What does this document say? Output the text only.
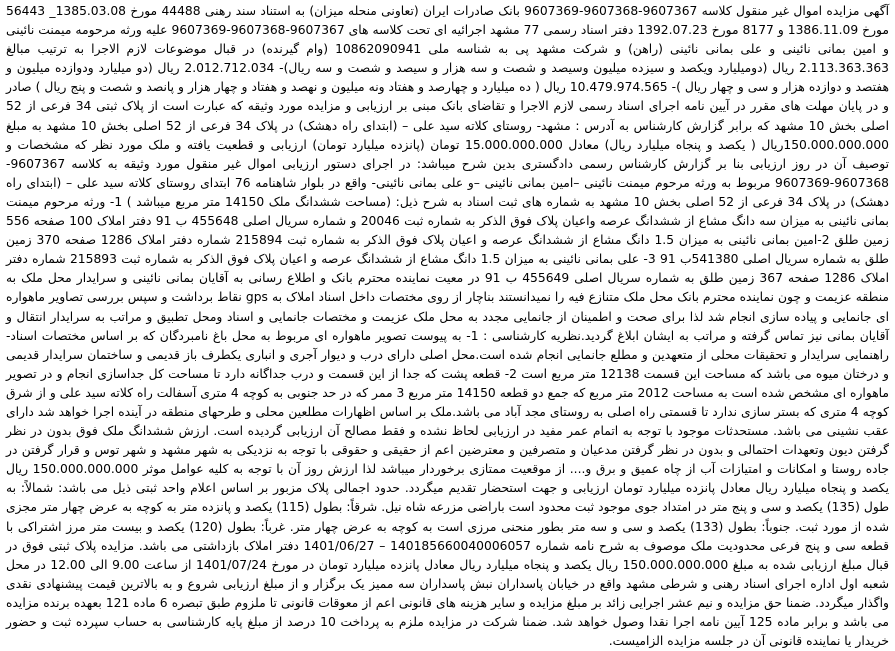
آگهی مزایده اموال غیر منقول کلاسه 9607367-9607368-9607369 بانک صادرات ایران (تعاونی منحله میزان) به استناد سند رهنی 44488 مورخ 1385.03.08_ 56443 مورخ 1386.11.09 و 8177 مورخ 1392.07.23 دفتر اسناد رسمی 77 مشهد اجرائیه ای تحت کلاسه های 9607367-9607368-9607369 علیه ورثه مرحومه میمنت نائینی و امین بمانی نائینی و علی بمانی نائینی (راهن) و شرکت مشهد پی به شناسه ملی 10862090941 (وام گیرنده) در قبال موضوعات لازم الاجرا به ترتیب مبالغ 2.113.363.363 ریال (دومیلیارد ویکصد و سیزده میلیون وسیصد و شصت و سه هزار و سیصد و شصت و سه ریال)- 2.012.712.034 ریال (دو میلیارد ودوازده میلیون و هفتصد و دوازده هزار و سی و چهار ریال )- 10.479.974.565 ریال ( ده میلیارد و چهارصد و هفتاد ونه میلیون و نهصد و هفتاد و چهار هزار و پانصد و شصت و پنج ریال ) صادر و در پایان مهلت های مقرر در آیین نامه اجرای اسناد رسمی لازم الاجرا و تقاضای بانک مبنی بر ارزیابی و مزایده مورد وثیقه که عبارت است از پلاک ثبتی 34 فرعی از 52 اصلی بخش 10 مشهد که برابر گزارش کارشناس به آدرس : مشهد- روستای کلاته سید علی – (ابتدای راه دهشک) در پلاک 34 فرعی از 52 اصلی بخش 10 مشهد به مبلغ 150.000.000.000ریال ( یکصد و پنجاه میلیارد ریال) معادل 15.000.000.000 تومان (پانزده میلیارد تومان) ارزیابی و قطعیت یافته و ملک مورد نظر که مشخصات و توصیف آن در روز ارزیابی بنا بر گزارش کارشناس رسمی دادگستری بدین شرح میباشد: در اجرای دستور ارزیابی اموال غیر منقول مورد وثیقه به کلاسه 9607367-9607368-9607369 مربوط به ورثه مرحوم میمنت نائینی –امین بمانی نائینی –و علی بمانی نائینی- واقع در بلوار شاهنامه 76 ابتدای روستای کلاته سید علی – (ابتدای راه دهشک) در پلاک 34 فرعی از 52 اصلی بخش 10 مشهد به شماره های ثبت اسناد به شرح ذیل: (مساحت ششدانگ ملک 14150 متر مربع میباشد ) 1- ورثه مرحوم میمنت بمانی نائینی به میزان سه دانگ مشاع از ششدانگ عرصه واعیان پلاک فوق الذکر به شماره ثبت 20046 و شماره سریال اصلی 455648 ب 91 دفتر املاک 100 صفحه 556 زمین طلق 2-امین بمانی نائینی به میزان 1.5 دانگ مشاع از ششدانگ عرصه و اعیان پلاک فوق الذکر به شماره ثبت 215894 شماره دفتر املاک 1286 صفحه 370 زمین طلق به شماره سریال اصلی 541380ب 91 3- علی بمانی نائینی به میزان 1.5 دانگ مشاع از ششدانگ عرصه و اعیان پلاک فوق الذکر به شماره ثبت 215893 شماره دفتر املاک 1286 صفحه 367 زمین طلق به شماره سریال اصلی 455649 ب 91 در معیت نماینده محترم بانک و اطلاع رسانی به آقایان بمانی نائینی و سرایدار محل ملک به منطقه عزیمت و چون نماینده محترم بانک محل ملک متنازع فیه را نمیدانستند بناچار از روی مختصات داخل اسناد املاک به gps نقاط برداشت و سپس بررسی تصاویر ماهواره ای جانمایی و پیاده سازی انجام شد لذا برای صحت و اطمینان از جانمایی مجدد به محل ملک عزیمت و مختصات جانمایی و اسناد ومحل تطبیق و مراتب به سرایدار انتقال و آقایان بمانی نیز تماس گرفته و مراتب به ایشان ابلاغ گردید.نظریه کارشناسی : 1- به پیوست تصویر ماهواره ای مربوط به محل باغ نامبردگان که بر اساس مختصات اسناد- راهنمایی سرایدار و تحقیقات محلی از متعهدین و مطلع جانمایی انجام شده است.محل اصلی دارای درب و دیوار آجری و انباری یکطرف باز قدیمی و ساختمان سرایدار قدیمی و درختان میوه می باشد که مساحت این قسمت 12138 متر مربع است 2- قطعه پشت که جدا از این قسمت و درب جداگانه دارد تا مساحت کل جداسازی انجام و در تصویر ماهواره ای مشخص شده است به مساحت 2012 متر مربع که جمع دو قطعه 14150 متر مربع 3 ممر که در حد جنوبی به کوچه 4 متری آسفالت راه کلاته سید علی و از شرق کوچه 4 متری که بستر سازی ندارد تا قسمتی راه اصلی به روستای مجد آباد می باشد.ملک بر اساس اظهارات مطلعین محلی و طرحهای منطقه در آینده اجرا خواهد شد دارای عقب نشینی می باشد. مستحدثات موجود با توجه به اتمام عمر مفید در ارزیابی لحاظ نشده و فقط مصالح آن ارزیابی گردیده است. ارزش ششدانگ ملک فوق بدون در نظر گرفتن دیون وتعهدات احتمالی و بدون در نظر گرفتن مدعیان و متصرفین و معترضین اعم از حقیقی و حقوقی با توجه به نزدیکی به شهر مشهد و شهر توس و قرار گرفتن در جاده روستا و امکانات و امتیازات آب از چاه عمیق و برق و.... از موقعیت ممتازی برخوردار میباشد لذا ارزش روز آن با توجه به کلیه عوامل موثر 150.000.000.000 ریال یکصد و پنجاه میلیارد ریال معادل پانزده میلیارد تومان ارزیابی و جهت استحضار تقدیم میگردد. حدود اجمالی پلاک مزبور بر اساس اعلام واحد ثبتی ذیل می باشد: شمالاً: به طول (135) یکصد و سی و پنج متر در امتداد جوی موجود ثبت محدود است باراضی مزرعه شاه نیل. شرقاً: بطول (115) یکصد و پانزده متر به کوچه به عرض چهار متر مجزی شده از مورد ثبت. جنوباً: بطول (133) یکصد و سی و سه متر بطور منحنی مرزی است به کوچه به عرض چهار متر. غرباً: بطول (120) یکصد و بیست متر مرز اشتراکی با قطعه سی و پنج فرعی محدودیت ملک موصوف به شرح نامه شماره 140185660040006057 – 1401/06/27 دفتر املاک بازداشتی می باشد. مزایده پلاک ثبتی فوق در قبال مبلغ ارزیابی شده به مبلغ 150.000.000.000 ریال یکصد و پنجاه میلیارد ریال معادل پانزده میلیارد تومان در مورخ 1401/07/24 از ساعت 9.00 الی 12.00 در محل شعبه اول اداره اجرای اسناد رهنی و شرطی مشهد واقع در خیابان پاسداران نبش پاسداران سه ممیز یک برگزار و از مبلغ ارزیابی شروع و به بالاترین قیمت پیشنهادی نقدی واگذار میگردد. ضمنا حق مزایده و نیم عشر اجرایی زائد بر مبلغ مزایده و سایر هزینه های قانونی اعم از معوقات قانونی تا ملزوم طبق تبصره 6 ماده 121 بعهده برنده مزایده می باشد و برابر ماده 125 آیین نامه اجرا نقدا وصول خواهد شد. ضمنا شرکت در مزایده ملزم به پرداخت 10 درصد از مبلغ پایه کارشناسی به حساب سپرده ثبت و حضور خریدار یا نماینده قانونی آن در جلسه مزایده الزامیست.
